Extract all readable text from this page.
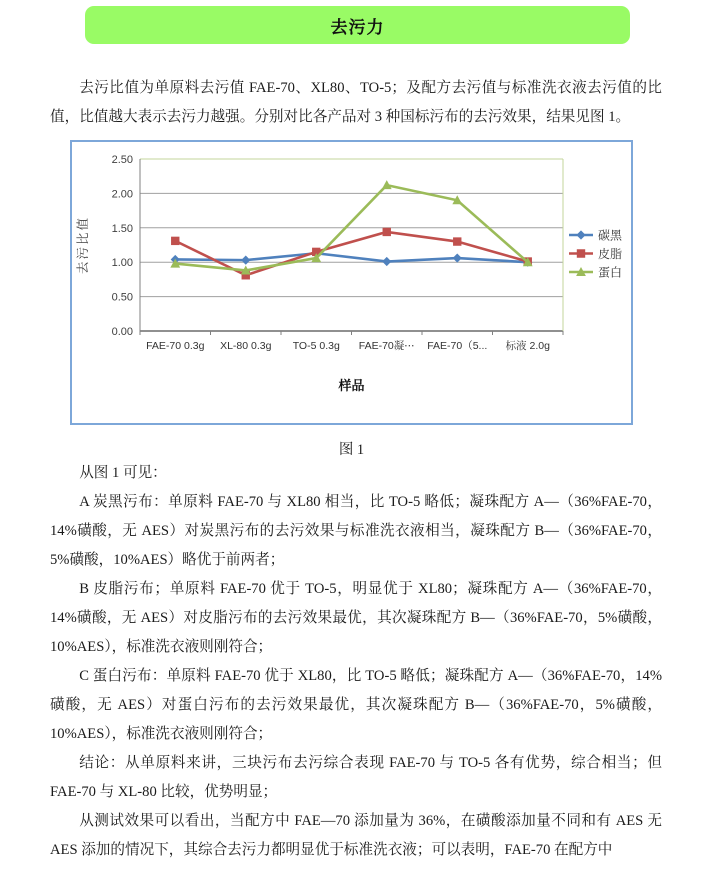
去污力

去污比值为单原料去污值 FAE-70、XL80、TO-5；及配方去污值与标准洗衣液去污值的比值，比值越大表示去污力越强。分别对比各产品对 3 种国标污布的去污效果，结果见图 1。

0.00
0.50
1.00
1.50
2.00
2.50
FAE-70 0.3g XL-80 0.3g TO-5 0.3g FAE-70凝⋯ FAE-70（5... 标液 2.0g
去污比值
样品
碳黑
皮脂
蛋白
图 1

从图 1 可见：

A 炭黑污布：单原料 FAE-70 与 XL80 相当，比 TO-5 略低；凝珠配方 A—（36%FAE-70，14%磺酸，无 AES）对炭黑污布的去污效果与标准洗衣液相当，凝珠配方 B—（36%FAE-70，5%磺酸，10%AES）略优于前两者；

B 皮脂污布；单原料 FAE-70 优于 TO-5，明显优于 XL80；凝珠配方 A—（36%FAE-70，14%磺酸，无 AES）对皮脂污布的去污效果最优，其次凝珠配方 B—（36%FAE-70，5%磺酸，10%AES），标准洗衣液则刚符合；

C 蛋白污布：单原料 FAE-70 优于 XL80，比 TO-5 略低；凝珠配方 A—（36%FAE-70，14%磺酸，无 AES）对蛋白污布的去污效果最优，其次凝珠配方 B—（36%FAE-70，5%磺酸，10%AES），标准洗衣液则刚符合；

结论：从单原料来讲，三块污布去污综合表现 FAE-70 与 TO-5 各有优势，综合相当；但 FAE-70 与 XL-80 比较，优势明显；

从测试效果可以看出，当配方中 FAE—70 添加量为 36%，在磺酸添加量不同和有 AES 无 AES 添加的情况下，其综合去污力都明显优于标准洗衣液；可以表明，FAE-70 在配方中
